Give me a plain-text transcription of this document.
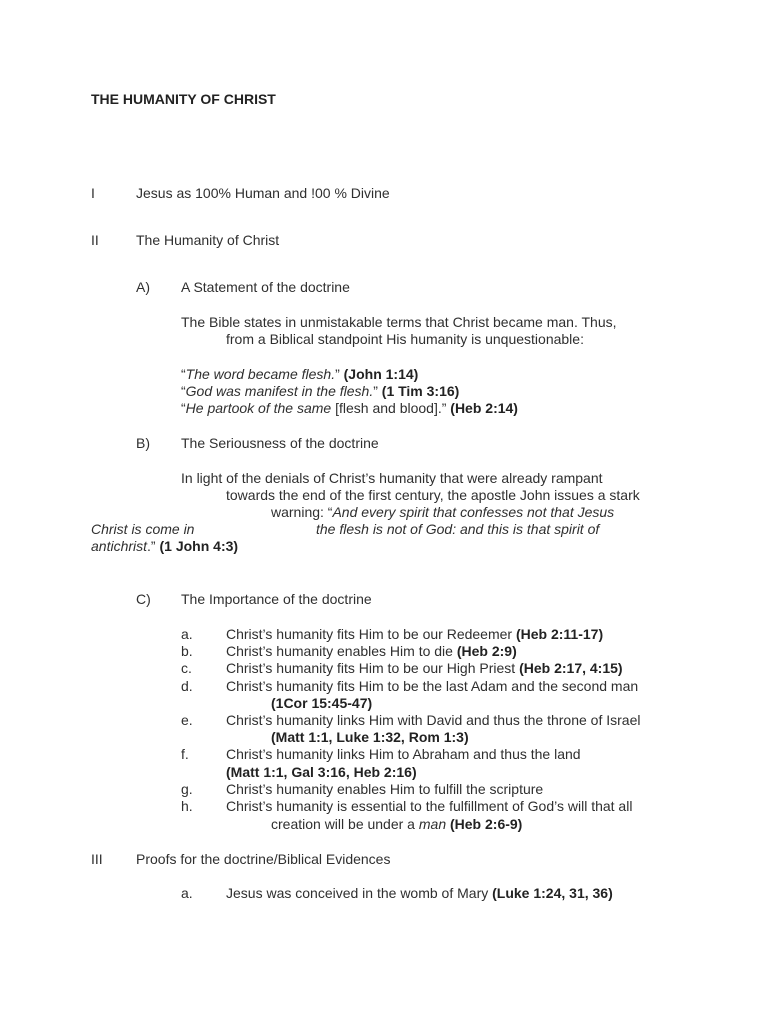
THE HUMANITY OF CHRIST
I	Jesus as 100% Human and !00 % Divine
II	The Humanity of Christ
A) A Statement of the doctrine
The Bible states in unmistakable terms that Christ became man. Thus,
from a Biblical standpoint His humanity is unquestionable:
“The word became flesh.” (John 1:14)
“God was manifest in the flesh.” (1 Tim 3:16)
“He partook of the same [flesh and blood].” (Heb 2:14)
B) The Seriousness of the doctrine
In light of the denials of Christ’s humanity that were already rampant
towards the end of the first century, the apostle John issues a stark
warning: “And every spirit that confesses not that Jesus
Christ is come in	the flesh is not of God: and this is that spirit of
antichrist.” (1 John 4:3)
C) The Importance of the doctrine
a. Christ’s humanity fits Him to be our Redeemer (Heb 2:11-17)
b. Christ’s humanity enables Him to die (Heb 2:9)
c. Christ’s humanity fits Him to be our High Priest (Heb 2:17, 4:15)
d. Christ’s humanity fits Him to be the last Adam and the second man
(1Cor 15:45-47)
e. Christ’s humanity links Him with David and thus the throne of Israel
(Matt 1:1, Luke 1:32, Rom 1:3)
f.	Christ’s humanity links Him to Abraham and thus the land
(Matt 1:1, Gal 3:16, Heb 2:16)
g. Christ’s humanity enables Him to fulfill the scripture
h. Christ’s humanity is essential to the fulfillment of God’s will that all
creation will be under a man (Heb 2:6-9)
III Proofs for the doctrine/Biblical Evidences
a. Jesus was conceived in the womb of Mary (Luke 1:24, 31, 36)
